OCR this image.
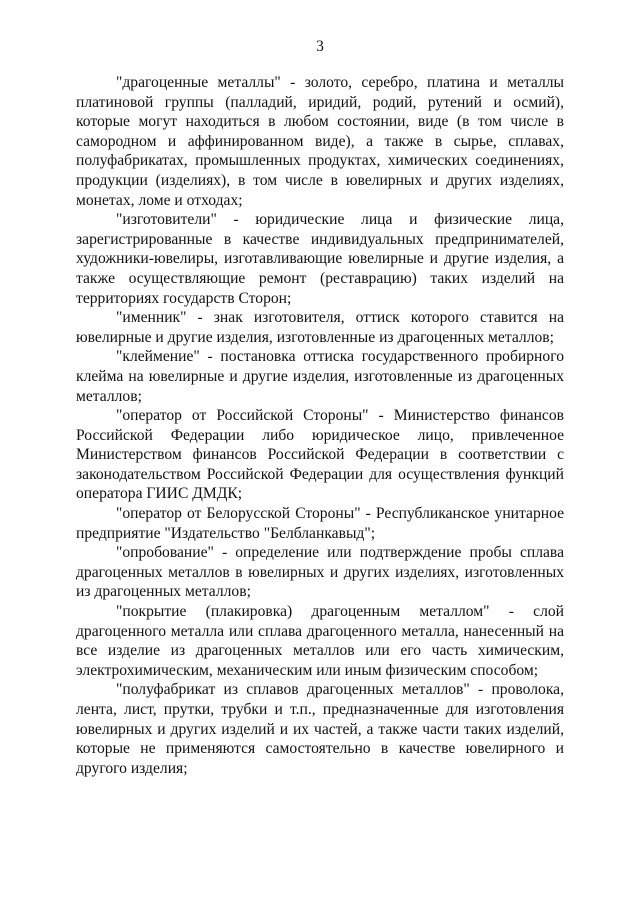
3

"драгоценные металлы" - золото, серебро, платина и металлы платиновой группы (палладий, иридий, родий, рутений и осмий), которые могут находиться в любом состоянии, виде (в том числе в самородном и аффинированном виде), а также в сырье, сплавах, полуфабрикатах, промышленных продуктах, химических соединениях, продукции (изделиях), в том числе в ювелирных и других изделиях, монетах, ломе и отходах;

"изготовители" - юридические лица и физические лица, зарегистрированные в качестве индивидуальных предпринимателей, художники-ювелиры, изготавливающие ювелирные и другие изделия, а также осуществляющие ремонт (реставрацию) таких изделий на территориях государств Сторон;

"именник" - знак изготовителя, оттиск которого ставится на ювелирные и другие изделия, изготовленные из драгоценных металлов;

"клеймение" - постановка оттиска государственного пробирного клейма на ювелирные и другие изделия, изготовленные из драгоценных металлов;

"оператор от Российской Стороны" - Министерство финансов Российской Федерации либо юридическое лицо, привлеченное Министерством финансов Российской Федерации в соответствии с законодательством Российской Федерации для осуществления функций оператора ГИИС ДМДК;

"оператор от Белорусской Стороны" - Республиканское унитарное предприятие "Издательство "Белбланкавыд";

"опробование" - определение или подтверждение пробы сплава драгоценных металлов в ювелирных и других изделиях, изготовленных из драгоценных металлов;

"покрытие (плакировка) драгоценным металлом" - слой драгоценного металла или сплава драгоценного металла, нанесенный на все изделие из драгоценных металлов или его часть химическим, электрохимическим, механическим или иным физическим способом;

"полуфабрикат из сплавов драгоценных металлов" - проволока, лента, лист, прутки, трубки и т.п., предназначенные для изготовления ювелирных и других изделий и их частей, а также части таких изделий, которые не применяются самостоятельно в качестве ювелирного и другого изделия;
